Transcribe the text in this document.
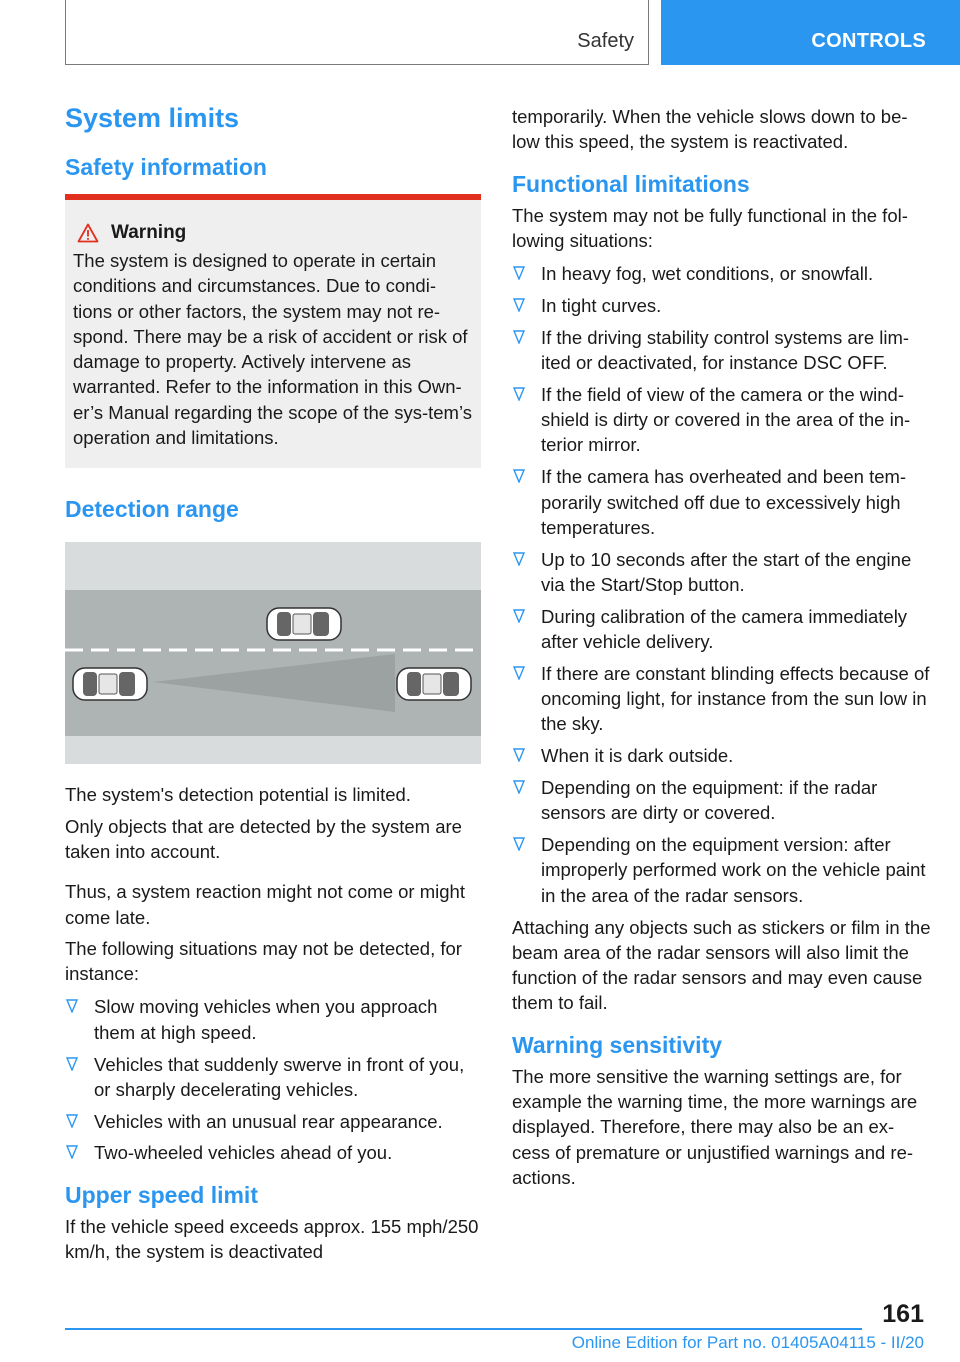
Safety	CONTROLS
System limits
Safety information
Warning

The system is designed to operate in certain conditions and circumstances. Due to condi‐tions or other factors, the system may not re‐spond. There may be a risk of accident or risk of damage to property. Actively intervene as warranted. Refer to the information in this Own‐er’s Manual regarding the scope of the sys‐tem’s operation and limitations.

Detection range

The system's detection potential is limited.

Only objects that are detected by the system are taken into account.

Thus, a system reaction might not come or might come late.

The following situations may not be detected, for instance:

Slow moving vehicles when you approach them at high speed.
Vehicles that suddenly swerve in front of you, or sharply decelerating vehicles.
Vehicles with an unusual rear appearance.
Two-wheeled vehicles ahead of you.
Upper speed limit

If the vehicle speed exceeds approx. 155 mph/250 km/h, the system is deactivated

temporarily. When the vehicle slows down to be‐low this speed, the system is reactivated.

Functional limitations

The system may not be fully functional in the fol‐lowing situations:

In heavy fog, wet conditions, or snowfall.
In tight curves.
If the driving stability control systems are lim‐ited or deactivated, for instance DSC OFF.
If the field of view of the camera or the wind‐shield is dirty or covered in the area of the in‐terior mirror.
If the camera has overheated and been tem‐porarily switched off due to excessively high temperatures.
Up to 10 seconds after the start of the engine via the Start/Stop button.
During calibration of the camera immediately after vehicle delivery.
If there are constant blinding effects because of oncoming light, for instance from the sun low in the sky.
When it is dark outside.
Depending on the equipment: if the radar sensors are dirty or covered.
Depending on the equipment version: after improperly performed work on the vehicle paint in the area of the radar sensors.

Attaching any objects such as stickers or film in the beam area of the radar sensors will also limit the function of the radar sensors and may even cause them to fail.

Warning sensitivity

The more sensitive the warning settings are, for example the warning time, the more warnings are displayed. Therefore, there may also be an ex‐cess of premature or unjustified warnings and re‐actions.

161
Online Edition for Part no. 01405A04115 - II/20
